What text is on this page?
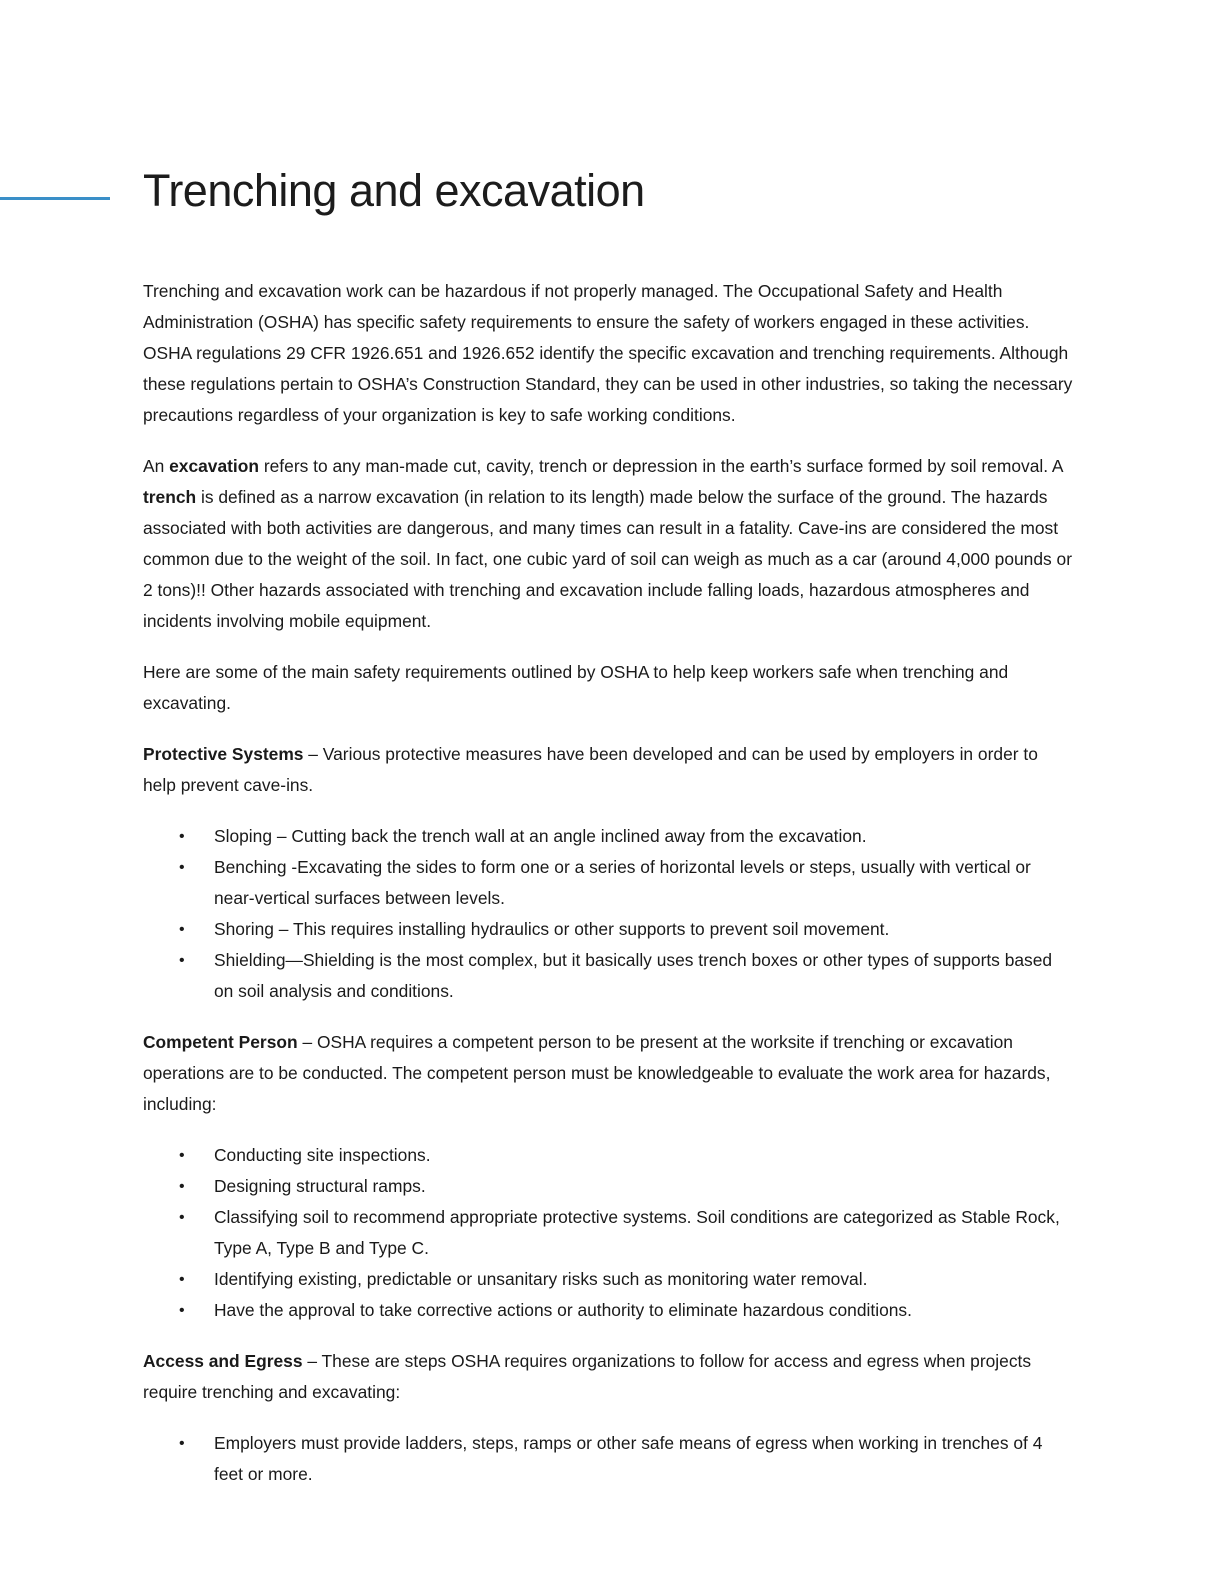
Trenching and excavation

Trenching and excavation work can be hazardous if not properly managed. The Occupational Safety and Health Administration (OSHA) has specific safety requirements to ensure the safety of workers engaged in these activities. OSHA regulations 29 CFR 1926.651 and 1926.652 identify the specific excavation and trenching requirements. Although these regulations pertain to OSHA’s Construction Standard, they can be used in other industries, so taking the necessary precautions regardless of your organization is key to safe working conditions.

An excavation refers to any man-made cut, cavity, trench or depression in the earth’s surface formed by soil removal. A trench is defined as a narrow excavation (in relation to its length) made below the surface of the ground. The hazards associated with both activities are dangerous, and many times can result in a fatality. Cave-ins are considered the most common due to the weight of the soil. In fact, one cubic yard of soil can weigh as much as a car (around 4,000 pounds or 2 tons)!! Other hazards associated with trenching and excavation include falling loads, hazardous atmospheres and incidents involving mobile equipment.

Here are some of the main safety requirements outlined by OSHA to help keep workers safe when trenching and excavating.

Protective Systems – Various protective measures have been developed and can be used by employers in order to help prevent cave-ins.

• Sloping – Cutting back the trench wall at an angle inclined away from the excavation.
• Benching -Excavating the sides to form one or a series of horizontal levels or steps, usually with vertical or near-vertical surfaces between levels.
• Shoring – This requires installing hydraulics or other supports to prevent soil movement.
• Shielding—Shielding is the most complex, but it basically uses trench boxes or other types of supports based on soil analysis and conditions.

Competent Person – OSHA requires a competent person to be present at the worksite if trenching or excavation operations are to be conducted. The competent person must be knowledgeable to evaluate the work area for hazards, including:

• Conducting site inspections.
• Designing structural ramps.
• Classifying soil to recommend appropriate protective systems. Soil conditions are categorized as Stable Rock, Type A, Type B and Type C.
• Identifying existing, predictable or unsanitary risks such as monitoring water removal.
• Have the approval to take corrective actions or authority to eliminate hazardous conditions.

Access and Egress – These are steps OSHA requires organizations to follow for access and egress when projects require trenching and excavating:

• Employers must provide ladders, steps, ramps or other safe means of egress when working in trenches of 4 feet or more.
